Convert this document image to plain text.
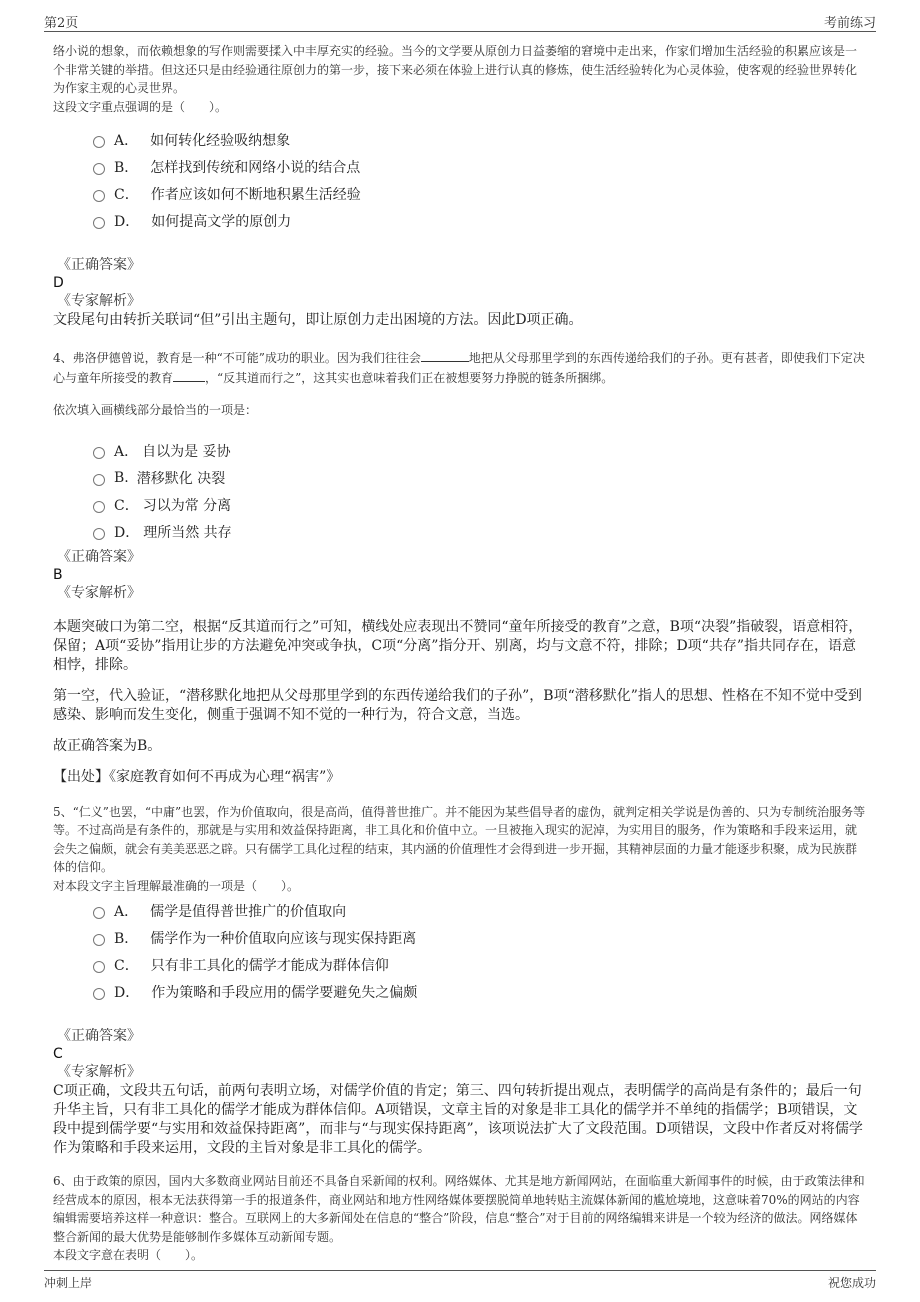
第2页	考前练习

络小说的想象，而依赖想象的写作则需要揉入中丰厚充实的经验。当今的文学要从原创力日益萎缩的窘境中走出来，作家们增加生活经验的积累应该是一个非常关键的举措。但这还只是由经验通往原创力的第一步，接下来必须在体验上进行认真的修炼，使生活经验转化为心灵体验，使客观的经验世界转化为作家主观的心灵世界。

这段文字重点强调的是（　　）。

A． 如何转化经验吸纳想象
B． 怎样找到传统和网络小说的结合点
C． 作者应该如何不断地积累生活经验
D． 如何提高文学的原创力

《正确答案》

D

《专家解析》

文段尾句由转折关联词“但”引出主题句，即让原创力走出困境的方法。因此D项正确。

4、弗洛伊德曾说，教育是一种“不可能”成功的职业。因为我们往往会	地把从父母那里学到的东西传递给我们的子孙。更有甚者，即使我们下定决心与童年所接受的教育	，“反其道而行之”，这其实也意味着我们正在被想要努力挣脱的链条所捆绑。

依次填入画横线部分最恰当的一项是：

A． 自以为是 妥协
B. 潜移默化 决裂
C． 习以为常 分离
D． 理所当然 共存

《正确答案》

B

《专家解析》

本题突破口为第二空，根据“反其道而行之”可知，横线处应表现出不赞同“童年所接受的教育”之意，B项“决裂”指破裂，语意相符，保留；A项“妥协”指用让步的方法避免冲突或争执，C项“分离”指分开、别离，均与文意不符，排除；D项“共存”指共同存在，语意相悖，排除。

第一空，代入验证，“潜移默化地把从父母那里学到的东西传递给我们的子孙”，B项“潜移默化”指人的思想、性格在不知不觉中受到感染、影响而发生变化，侧重于强调不知不觉的一种行为，符合文意，当选。

故正确答案为B。

【出处】《家庭教育如何不再成为心理“祸害”》

5、“仁义”也罢，“中庸”也罢，作为价值取向，很是高尚，值得普世推广。并不能因为某些倡导者的虚伪，就判定相关学说是伪善的、只为专制统治服务等等。不过高尚是有条件的，那就是与实用和效益保持距离，非工具化和价值中立。一旦被拖入现实的泥淖，为实用目的服务，作为策略和手段来运用，就会失之偏颇，就会有美美恶恶之辟。只有儒学工具化过程的结束，其内涵的价值理性才会得到进一步开掘，其精神层面的力量才能逐步积聚，成为民族群体的信仰。

对本段文字主旨理解最准确的一项是（　　）。

A． 儒学是值得普世推广的价值取向
B． 儒学作为一种价值取向应该与现实保持距离
C． 只有非工具化的儒学才能成为群体信仰
D． 作为策略和手段应用的儒学要避免失之偏颇

《正确答案》

C

《专家解析》

C项正确，文段共五句话，前两句表明立场，对儒学价值的肯定；第三、四句转折提出观点，表明儒学的高尚是有条件的；最后一句升华主旨，只有非工具化的儒学才能成为群体信仰。A项错误，文章主旨的对象是非工具化的儒学并不单纯的指儒学；B项错误，文段中提到儒学要“与实用和效益保持距离”，而非与“与现实保持距离”，该项说法扩大了文段范围。D项错误，文段中作者反对将儒学作为策略和手段来运用，文段的主旨对象是非工具化的儒学。

6、由于政策的原因，国内大多数商业网站目前还不具备自采新闻的权利。网络媒体、尤其是地方新闻网站，在面临重大新闻事件的时候，由于政策法律和经营成本的原因，根本无法获得第一手的报道条件，商业网站和地方性网络媒体要摆脱简单地转贴主流媒体新闻的尴尬境地，这意味着70%的网站的内容编辑需要培养这样一种意识：整合。互联网上的大多新闻处在信息的“整合”阶段，信息“整合”对于目前的网络编辑来讲是一个较为经济的做法。网络媒体整合新闻的最大优势是能够制作多媒体互动新闻专题。

本段文字意在表明（　　）。

冲刺上岸	祝您成功
